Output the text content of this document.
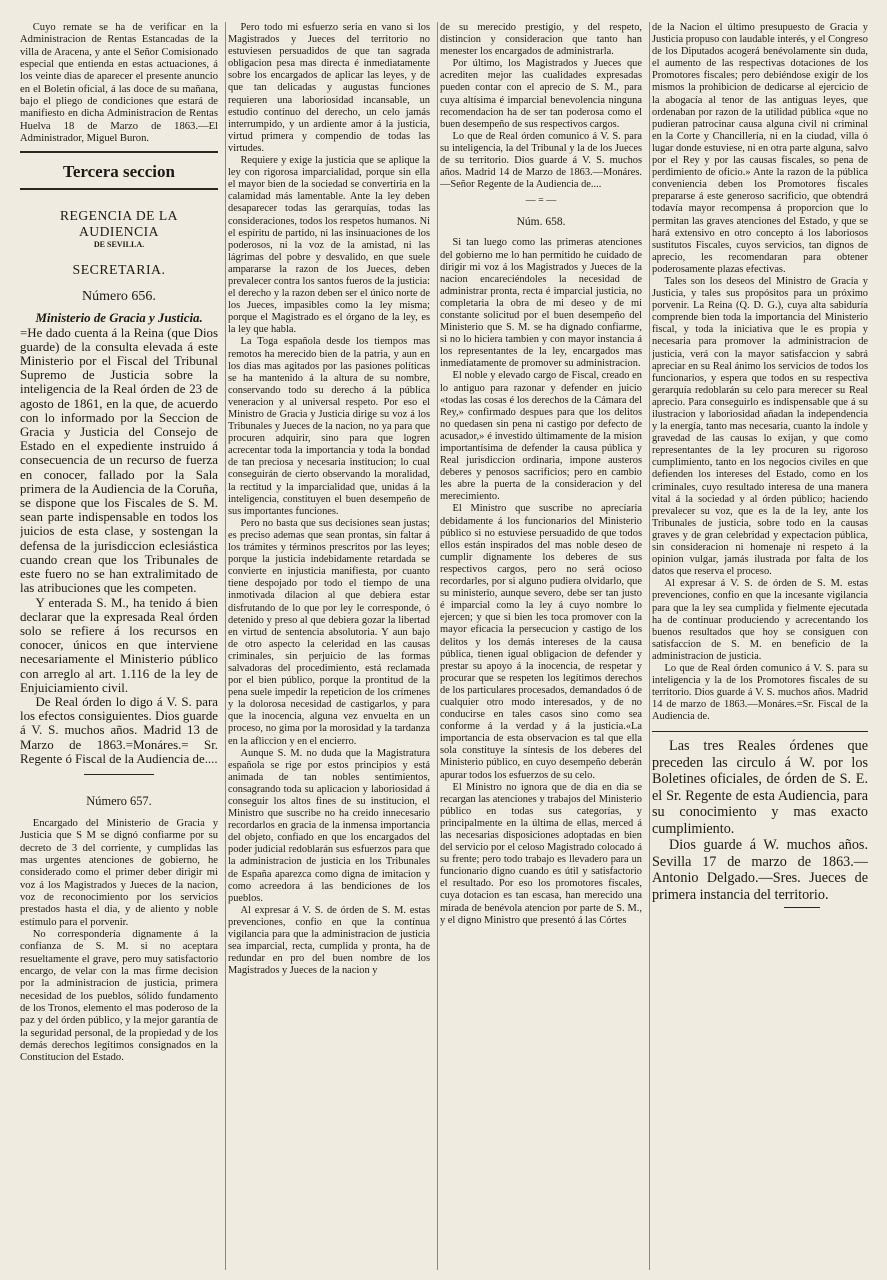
Cuyo remate se ha de verificar en la Administracion de Rentas Estancadas de la villa de Aracena, y ante el Señor Comisionado especial que entienda en estas actuaciones, á los veinte dias de aparecer el presente anuncio en el Boletin oficial, á las doce de su mañana, bajo el pliego de condiciones que estará de manifiesto en dicha Administracion de Rentas Huelva 18 de Marzo de 1863.—El Administrador, Miguel Buron.

Tercera seccion
REGENCIA DE LA AUDIENCIA
DE SEVILLA.
SECRETARIA.
Número 656.

Ministerio de Gracia y Justicia.

=He dado cuenta á la Reina (que Dios guarde) de la consulta elevada á este Ministerio por el Fiscal del Tribunal Supremo de Justicia sobre la inteligencia de la Real órden de 23 de agosto de 1861, en la que, de acuerdo con lo informado por la Seccion de Gracia y Justicia del Consejo de Estado en el expediente instruido á consecuencia de un recurso de fuerza en conocer, fallado por la Sala primera de la Audiencia de la Coruña, se dispone que los Fiscales de S. M. sean parte indispensable en todos los juicios de esta clase, y sostengan la defensa de la jurisdiccion eclesiástica cuando crean que los Tribunales de este fuero no se han extralimitado de las atribuciones que les competen.

Y enterada S. M., ha tenido á bien declarar que la expresada Real órden solo se refiere á los recursos en conocer, únicos en que interviene necesariamente el Ministerio público con arreglo al art. 1.116 de la ley de Enjuiciamiento civil.

De Real órden lo digo á V. S. para los efectos consiguientes. Dios guarde á V. S. muchos años. Madrid 13 de Marzo de 1863.=Monáres.= Sr. Regente ó Fiscal de la Audiencia de....

Número 657.

Encargado del Ministerio de Gracia y Justicia que S M se dignó confiarme por su decreto de 3 del corriente, y cumplidas las mas urgentes atenciones de gobierno, he considerado como el primer deber dirigir mi voz á los Magistrados y Jueces de la nacion, voz de reconocimiento por los servicios prestados hasta el dia, y de aliento y noble estímulo para el porvenir.

No correspondería dignamente á la confianza de S. M. si no aceptara resueltamente el grave, pero muy satisfactorio encargo, de velar con la mas firme decision por la administracion de justicia, primera necesidad de los pueblos, sólido fundamento de los Tronos, elemento el mas poderoso de la paz y del órden público, y la mejor garantía de la seguridad personal, de la propiedad y de los demás derechos legítimos consignados en la Constitucion del Estado.

Pero todo mi esfuerzo seria en vano si los Magistrados y Jueces del territorio no estuviesen persuadidos de que tan sagrada obligacion pesa mas directa é inmediatamente sobre los encargados de aplicar las leyes, y de que tan delicadas y augustas funciones requieren una laboriosidad incansable, un estudio contínuo del derecho, un celo jamás interrumpido, y un ardiente amor á la justicia, virtud primera y compendio de todas las virtudes.

Requiere y exige la justicia que se aplique la ley con rigorosa imparcialidad, porque sin ella el mayor bien de la sociedad se convertiria en la calamidad más lamentable. Ante la ley deben desaparecer todas las gerarquías, todas las consideraciones, todos los respetos humanos. Ni el espíritu de partido, ni las insinuaciones de los poderosos, ni la voz de la amistad, ni las lágrimas del pobre y desvalido, en que suele ampararse la razon de los Jueces, deben prevalecer contra los santos fueros de la justicia: el derecho y la razon deben ser el único norte de los Jueces, impasibles como la ley misma; porque el Magistrado es el órgano de la ley, es la ley que habla.

La Toga española desde los tiempos mas remotos ha merecido bien de la patria, y aun en los dias mas agitados por las pasiones políticas se ha mantenido á la altura de su nombre, conservando todo su derecho á la pública veneracion y al universal respeto. Por eso el Ministro de Gracia y Justicia dirige su voz á los Tribunales y Jueces de la nacion, no ya para que procuren adquirir, sino para que logren acrecentar toda la importancia y toda la bondad de tan preciosa y necesaria institucion; lo cual conseguirán de cierto observando la moralidad, la rectitud y la imparcialidad que, unidas á la inteligencia, constituyen el buen desempeño de sus importantes funciones.

Pero no basta que sus decisiones sean justas; es preciso ademas que sean prontas, sin faltar á los trámites y términos prescritos por las leyes; porque la justicia indebidamente retardada se convierte en injusticia manifiesta, por cuanto tiene despojado por todo el tiempo de una inmotivada dilacion al que debiera estar disfrutando de lo que por ley le corresponde, ó detenido y preso al que debiera gozar la libertad en virtud de sentencia absolutoria. Y aun bajo de otro aspecto la celeridad en las causas criminales, sin perjuicio de las formas salvadoras del procedimiento, está reclamada por el bien público, porque la prontitud de la pena suele impedir la repeticion de los crímenes y la dolorosa necesidad de castigarlos, y para que la inocencia, alguna vez envuelta en un proceso, no gima por la morosidad y la tardanza en la afliccion y en el encierro.

Aunque S. M. no duda que la Magistratura española se rige por estos principios y está animada de tan nobles sentimientos, consagrando toda su aplicacion y laboriosidad á conseguir los altos fines de su institucion, el Ministro que suscribe no ha creido innecesario recordarlos en gracia de la inmensa importancia del objeto, confiado en que los encargados del poder judicial redoblarán sus esfuerzos para que la administracion de justicia en los Tribunales de España aparezca como digna de imitacion y como acreedora á las bendiciones de los pueblos.

Al expresar á V. S. de órden de S. M. estas prevenciones, confio en que la contínua vigilancia para que la administracion de justicia sea imparcial, recta, cumplida y pronta, ha de redundar en pro del buen nombre de los Magistrados y Jueces de la nacion y

de su merecido prestigio, y del respeto, distincion y consideracion que tanto han menester los encargados de administrarla.

Por último, los Magistrados y Jueces que acrediten mejor las cualidades expresadas pueden contar con el aprecio de S. M., para cuya altísima é imparcial benevolencia ninguna recomendacion ha de ser tan poderosa como el buen desempeño de sus respectivos cargos.

Lo que de Real órden comunico á V. S. para su inteligencia, la del Tribunal y la de los Jueces de su territorio. Dios guarde á V. S. muchos años. Madrid 14 de Marzo de 1863.—Monáres.—Señor Regente de la Audiencia de....

— = —
Núm. 658.

Si tan luego como las primeras atenciones del gobierno me lo han permitido he cuidado de dirigir mi voz á los Magistrados y Jueces de la nacion encareciéndoles la necesidad de administrar pronta, recta é imparcial justicia, no completaria la obra de mi deseo y de mi constante solicitud por el buen desempeño del Ministerio que S. M. se ha dignado confiarme, si no lo hiciera tambien y con mayor instancia á los representantes de la ley, encargados mas inmediatamente de promover su administracion.

El noble y elevado cargo de Fiscal, creado en lo antiguo para razonar y defender en juicio «todas las cosas é los derechos de la Cámara del Rey,» confirmado despues para que los delitos no quedasen sin pena ni castigo por defecto de acusador,» é investido últimamente de la mision importantísima de defender la causa pública y Real jurisdiccion ordinaria, impone austeros deberes y penosos sacrificios; pero en cambio les abre la puerta de la consideracion y del merecimiento.

El Ministro que suscribe no aprecíaria debidamente á los funcionarios del Ministerio público si no estuviese persuadido de que todos ellos están inspirados del mas noble deseo de cumplir dignamente los deberes de sus respectivos cargos, pero no será ocioso recordarles, por si alguno pudiera olvidarlo, que su ministerio, aunque severo, debe ser tan justo é imparcial como la ley á cuyo nombre lo ejercen; y que si bien les toca promover con la mayor eficacia la persecucion y castigo de los delitos y los demás intereses de la causa pública, tienen igual obligacion de defender y prestar su apoyo á la inocencia, de respetar y procurar que se respeten los legítimos derechos de los particulares procesados, demandados ó de cualquier otro modo interesados, y de no conducirse en tales casos sino como sea conforme á la verdad y á la justicia.«La importancia de esta observacion es tal que ella sola constituye la síntesis de los deberes del Ministerio público, en cuyo desempeño deberán apurar todos los esfuerzos de su celo.

El Ministro no ignora que de dia en dia se recargan las atenciones y trabajos del Ministerio público en todas sus categorías, y principalmente en la última de ellas, merced á las necesarias disposiciones adoptadas en bien del servicio por el celoso Magistrado colocado á su frente; pero todo trabajo es llevadero para un funcionario digno cuando es útil y satisfactorio el resultado. Por eso los promotores fiscales, cuya dotacion es tan escasa, han merecido una mirada de benévola atencion por parte de S. M., y el digno Ministro que presentó á las Córtes

de la Nacion el último presupuesto de Gracia y Justicia propuso con laudable interés, y el Congreso de los Diputados acogerá benévolamente sin duda, el aumento de las respectivas dotaciones de los Promotores fiscales; pero debiéndose exigir de los mismos la prohibicion de dedicarse al ejercicio de la abogacía al tenor de las antiguas leyes, que ordenaban por razon de la utilidad pública «que no pudieran patrocinar causa alguna civil ni criminal en la Corte y Chancillería, ni en la ciudad, villa ó lugar donde estuviese, ni en otra parte alguna, salvo por el Rey y por las causas fiscales, so pena de perdimiento de oficio.» Ante la razon de la pública conveniencia deben los Promotores fiscales prepararse á este generoso sacrificio, que obtendrá todavía mayor recompensa á proporcion que lo permitan las graves atenciones del Estado, y que se hará extensivo en otro concepto á los laboriosos sustitutos Fiscales, cuyos servicios, tan dignos de aprecio, les recomendaran para obtener poderosamente plazas efectivas.

Tales son los deseos del Ministro de Gracia y Justicia, y tales sus propósitos para un próximo porvenir. La Reina (Q. D. G.), cuya alta sabiduría comprende bien toda la importancia del Ministerio fiscal, y toda la iniciativa que le es propia y necesaria para promover la administracion de justicia, verá con la mayor satisfaccion y sabrá apreciar en su Real ánimo los servicios de todos los funcionarios, y espera que todos en su respectiva gerarquía redoblarán su celo para merecer su Real aprecio. Para conseguirlo es indispensable que á su ilustracion y laboriosidad añadan la independencia y la energía, tanto mas necesaria, cuanto la índole y gravedad de las causas lo exijan, y que como representantes de la ley procuren su rigoroso cumplimiento, tanto en los negocios civiles en que defienden los intereses del Estado, como en los criminales, cuyo resultado interesa de una manera vital á la sociedad y al órden público; haciendo prevalecer su voz, que es la de la ley, ante los Tribunales de justicia, sobre todo en la causas graves y de gran celebridad y expectacion pública, sin consideracion ni homenaje ni respeto á la opinion vulgar, jamás ilustrada por falta de los datos que reserva el proceso.

Al expresar á V. S. de órden de S. M. estas prevenciones, confio en que la incesante vigilancia para que la ley sea cumplida y fielmente ejecutada ha de continuar produciendo y acrecentando los buenos resultados que hoy se consiguen con satisfaccion de S. M. en beneficio de la administracion de justicia.

Lo que de Real órden comunico á V. S. para su inteligencia y la de los Promotores fiscales de su territorio. Dios guarde á V. S. muchos años. Madrid 14 de marzo de 1863.—Monáres.=Sr. Fiscal de la Audiencia de.

Las tres Reales órdenes que preceden las circulo á W. por los Boletines oficiales, de órden de S. E. el Sr. Regente de esta Audiencia, para su conocimiento y mas exacto cumplimiento.

Dios guarde á W. muchos años. Sevilla 17 de marzo de 1863.—Antonio Delgado.—Sres. Jueces de primera instancia del territorio.
